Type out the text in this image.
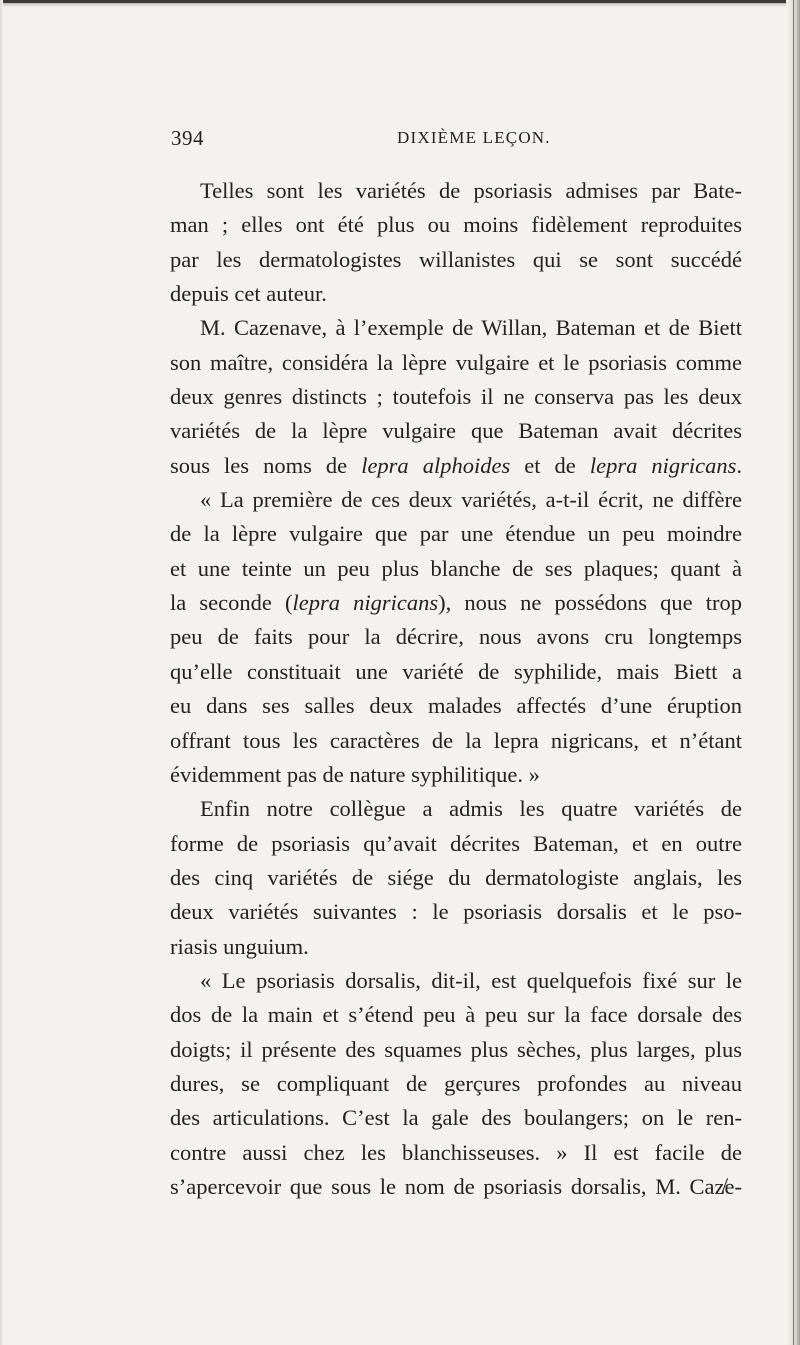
394	DIXIÈME LEÇON.
Telles sont les variétés de psoriasis admises par Bate-
man ; elles ont été plus ou moins fidèlement reproduites
par les dermatologistes willanistes qui se sont succédé
depuis cet auteur.
M. Cazenave, à l’exemple de Willan, Bateman et de Biett
son maître, considéra la lèpre vulgaire et le psoriasis comme
deux genres distincts ; toutefois il ne conserva pas les deux
variétés de la lèpre vulgaire que Bateman avait décrites
sous les noms de lepra alphoides et de lepra nigricans.
« La première de ces deux variétés, a-t-il écrit, ne diffère
de la lèpre vulgaire que par une étendue un peu moindre
et une teinte un peu plus blanche de ses plaques; quant à
la seconde (lepra nigricans), nous ne possédons que trop
peu de faits pour la décrire, nous avons cru longtemps
qu’elle constituait une variété de syphilide, mais Biett a
eu dans ses salles deux malades affectés d’une éruption
offrant tous les caractères de la lepra nigricans, et n’étant
évidemment pas de nature syphilitique. »
Enfin notre collègue a admis les quatre variétés de
forme de psoriasis qu’avait décrites Bateman, et en outre
des cinq variétés de siége du dermatologiste anglais, les
deux variétés suivantes : le psoriasis dorsalis et le pso-
riasis unguium.
« Le psoriasis dorsalis, dit-il, est quelquefois fixé sur le
dos de la main et s’étend peu à peu sur la face dorsale des
doigts; il présente des squames plus sèches, plus larges, plus
dures, se compliquant de gerçures profondes au niveau
des articulations. C’est la gale des boulangers; on le ren-
contre aussi chez les blanchisseuses. » Il est facile de
s’apercevoir que sous le nom de psoriasis dorsalis, M. Caz̸e-
